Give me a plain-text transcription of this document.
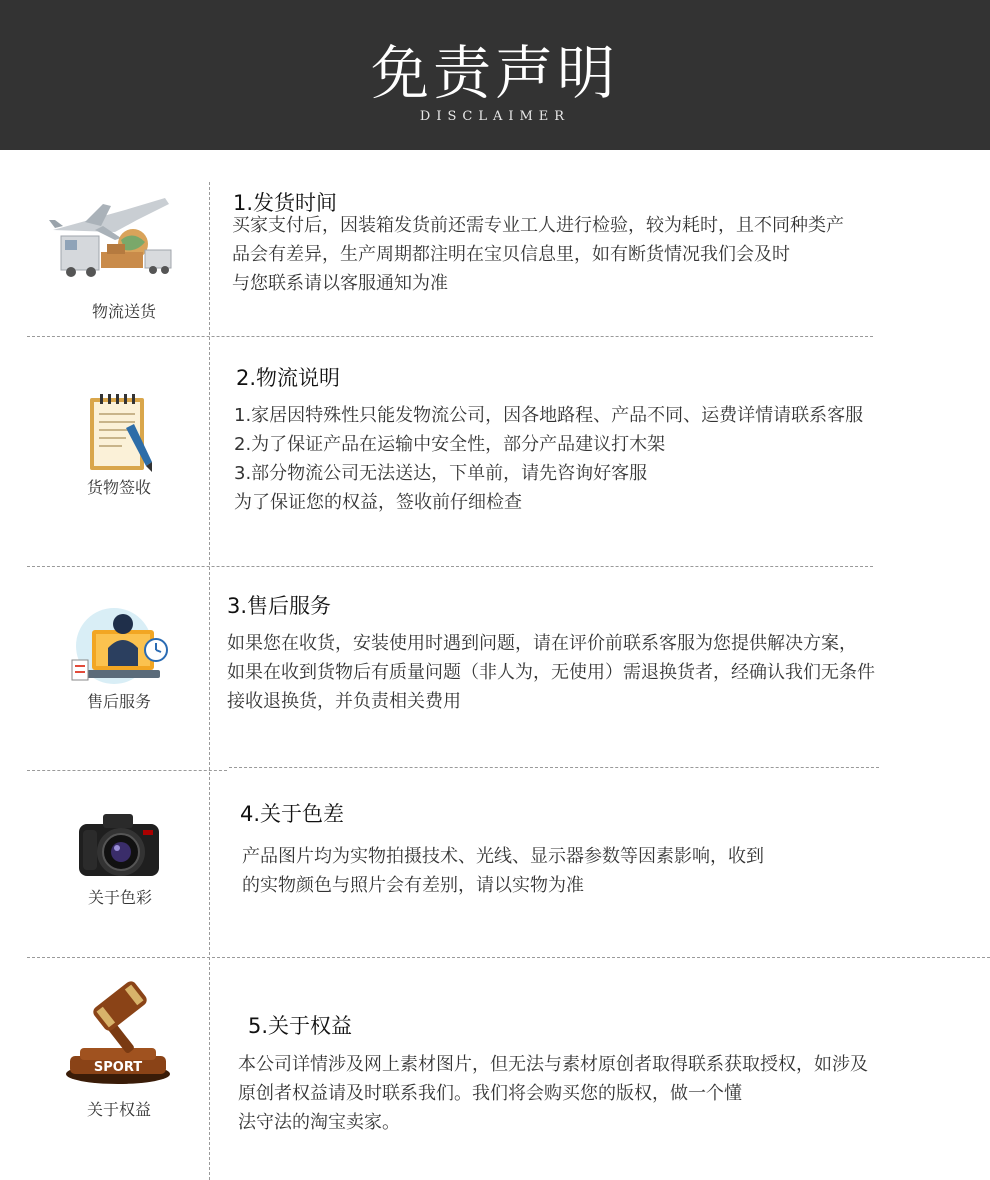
免责声明
DISCLAIMER
物流送货
1.发货时间
买家支付后，因装箱发货前还需专业工人进行检验，较为耗时，且不同种类产
品会有差异，生产周期都注明在宝贝信息里，如有断货情况我们会及时
与您联系请以客服通知为准
货物签收
2.物流说明
1.家居因特殊性只能发物流公司，因各地路程、产品不同、运费详情请联系客服
2.为了保证产品在运输中安全性，部分产品建议打木架
3.部分物流公司无法送达，下单前，请先咨询好客服
为了保证您的权益，签收前仔细检查
售后服务
3.售后服务
如果您在收货，安装使用时遇到问题，请在评价前联系客服为您提供解决方案，
如果在收到货物后有质量问题（非人为，无使用）需退换货者，经确认我们无条件
接收退换货，并负责相关费用
关于色彩
4.关于色差
产品图片均为实物拍摄技术、光线、显示器参数等因素影响，收到
的实物颜色与照片会有差别，请以实物为准
SPORT
关于权益
5.关于权益
本公司详情涉及网上素材图片，但无法与素材原创者取得联系获取授权，如涉及
原创者权益请及时联系我们。我们将会购买您的版权，做一个懂
法守法的淘宝卖家。
